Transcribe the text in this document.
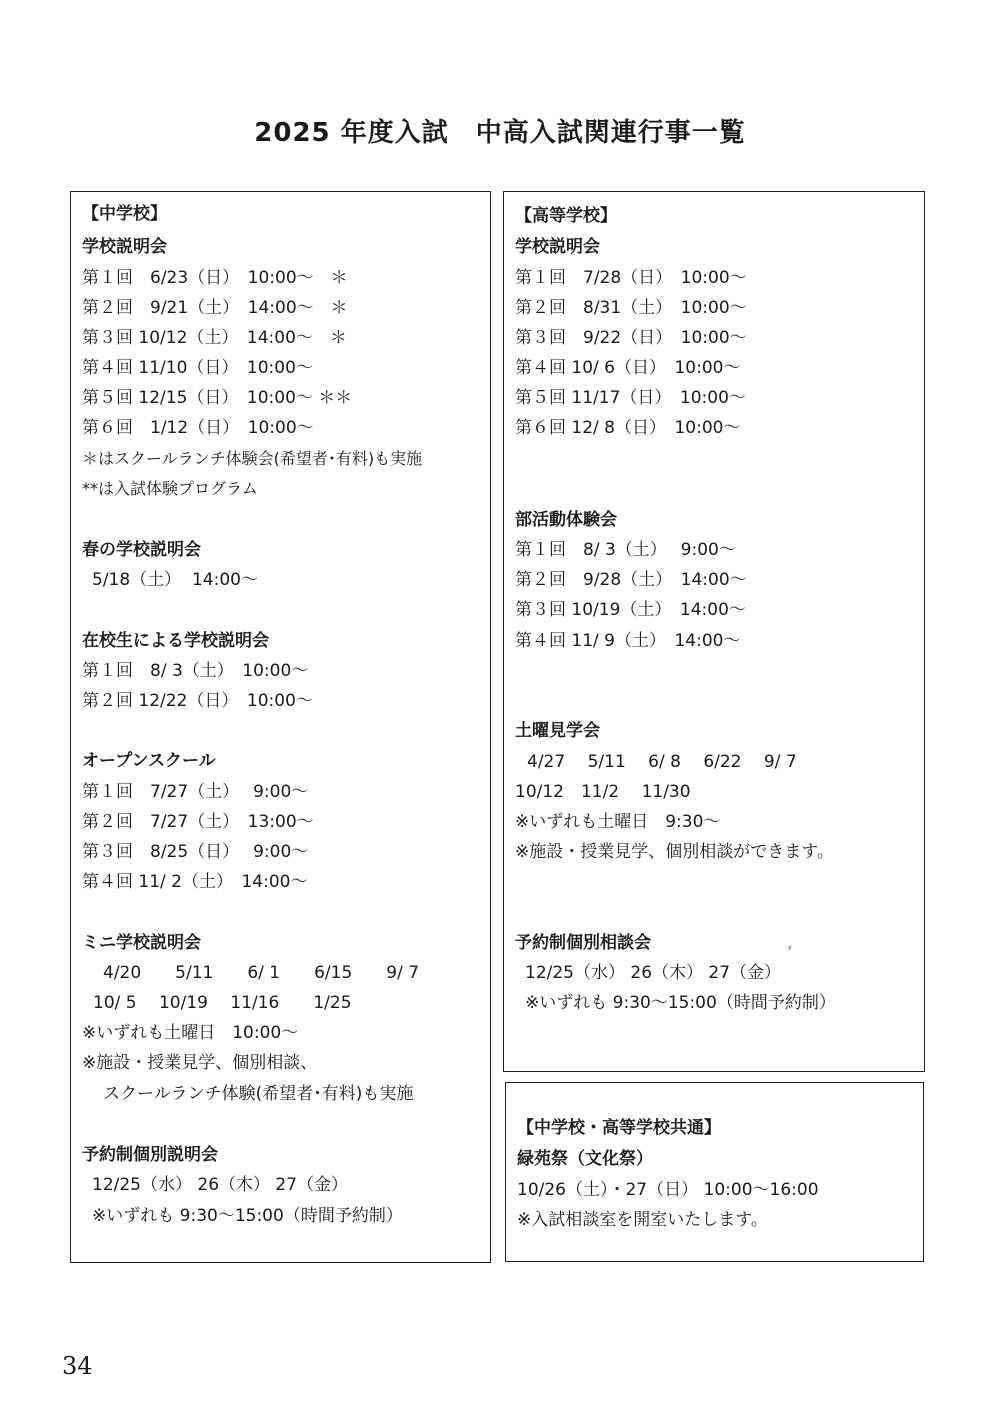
2025 年度入試　中高入試関連行事一覧
【中学校】
学校説明会
第１回　6/23（日）　10:00～　＊
第２回　9/21（土）　14:00～　＊
第３回 10/12（土）　14:00～　＊
第４回 11/10（日）　10:00～
第５回 12/15（日）　10:00～ ＊＊
第６回　1/12（日）　10:00～
＊はスクールランチ体験会(希望者･有料)も実施
**は入試体験プログラム
春の学校説明会
5/18（土）  14:00～
在校生による学校説明会
第１回　8/ 3（土）　10:00～
第２回 12/22（日）　10:00～
オープンスクール
第１回　7/27（土）　 9:00～
第２回　7/27（土）　13:00～
第３回　8/25（日）　 9:00～
第４回 11/ 2（土）　14:00～
ミニ学校説明会
4/20　　5/11　　6/ 1　　6/15　　9/ 7
10/ 5　 10/19　 11/16　　1/25
※いずれも土曜日　10:00～
※施設・授業見学、個別相談、
スクールランチ体験(希望者･有料)も実施
予約制個別説明会
12/25（水） 26（木） 27（金）
※いずれも 9:30～15:00（時間予約制）
【高等学校】
学校説明会
第１回　7/28（日）　10:00～
第２回　8/31（土）　10:00～
第３回　9/22（日）　10:00～
第４回 10/ 6（日）　10:00～
第５回 11/17（日）　10:00～
第６回 12/ 8（日）　10:00～
部活動体験会
第１回　8/ 3（土）　 9:00～
第２回　9/28（土）　14:00～
第３回 10/19（土）　14:00～
第４回 11/ 9（土）　14:00～
土曜見学会
4/27　 5/11　 6/ 8　 6/22　 9/ 7
10/12　11/2　 11/30
※いずれも土曜日　9:30～
※施設・授業見学、個別相談ができます。
予約制個別相談会
12/25（水） 26（木） 27（金）
※いずれも 9:30～15:00（時間予約制）
ʸ
【中学校・高等学校共通】
緑苑祭（文化祭）
10/26（土）・27（日） 10:00～16:00
※入試相談室を開室いたします。
34
